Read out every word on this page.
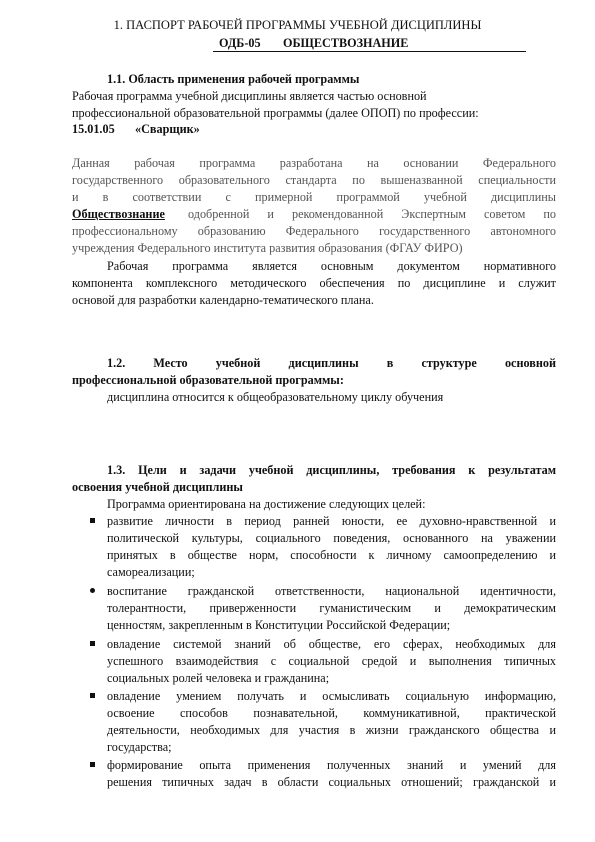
1. ПАСПОРТ РАБОЧЕЙ ПРОГРАММЫ УЧЕБНОЙ ДИСЦИПЛИНЫ
ОДБ-05 ОБЩЕСТВОЗНАНИЕ
1.1. Область применения рабочей программы
Рабочая программа учебной дисциплины является частью основной
профессиональной образовательной программы (далее ОПОП) по профессии:
15.01.05 «Сварщик»
Данная рабочая программа разработана на основании Федерального
государственного образовательного стандарта по вышеназванной специальности
и в соответствии с примерной программой учебной дисциплины
Обществознание одобренной и рекомендованной Экспертным советом по
профессиональному образованию Федерального государственного автономного
учреждения Федерального института развития образования (ФГАУ ФИРО)
Рабочая программа является основным документом нормативного
компонента комплексного методического обеспечения по дисциплине и служит
основой для разработки календарно-тематического плана.
1.2. Место учебной дисциплины в структуре основной
профессиональной образовательной программы:
дисциплина относится к общеобразовательному циклу обучения
1.3. Цели и задачи учебной дисциплины, требования к результатам
освоения учебной дисциплины
Программа ориентирована на достижение следующих целей:
развитие личности в период ранней юности, ее духовно-нравственной и
политической культуры, социального поведения, основанного на уважении
принятых в обществе норм, способности к личному самоопределению и
самореализации;
воспитание гражданской ответственности, национальной идентичности,
толерантности, приверженности гуманистическим и демократическим
ценностям, закрепленным в Конституции Российской Федерации;
овладение системой знаний об обществе, его сферах, необходимых для
успешного взаимодействия с социальной средой и выполнения типичных
социальных ролей человека и гражданина;
овладение умением получать и осмысливать социальную информацию,
освоение способов познавательной, коммуникативной, практической
деятельности, необходимых для участия в жизни гражданского общества и
государства;
формирование опыта применения полученных знаний и умений для
решения типичных задач в области социальных отношений; гражданской и
